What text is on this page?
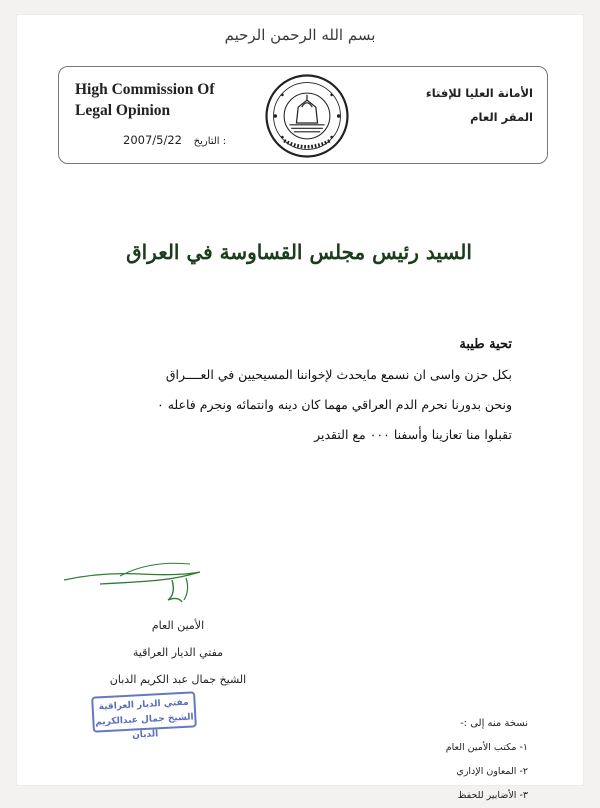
بسم الله الرحمن الرحيم
High Commission Of
Legal Opinion
الأمانة العليا للإفتاء
المقر العام
2007/5/22 التاريخ :
السيد رئيس مجلس القساوسة في العراق
تحية طيبة
بكل حزن واسى ان نسمع مايحدث لإخواننا المسيحيين في العــــراق
ونحن بدورنا نحرم الدم العراقي مهما كان دينه وانتمائه ونجرم فاعله ٠
تقبلوا منا تعازينا وأسفنا ٠٠٠ مع التقدير
الأمين العام
مفتي الديار العراقية
الشيخ جمال عبد الكريم الدبان
مفتي الديار العراقية
الشيخ جمال عبدالكريم الدبان
نسخة منه إلى :-
١- مكتب الأمين العام
٢- المعاون الإداري
٣- الأضابير للحفظ
